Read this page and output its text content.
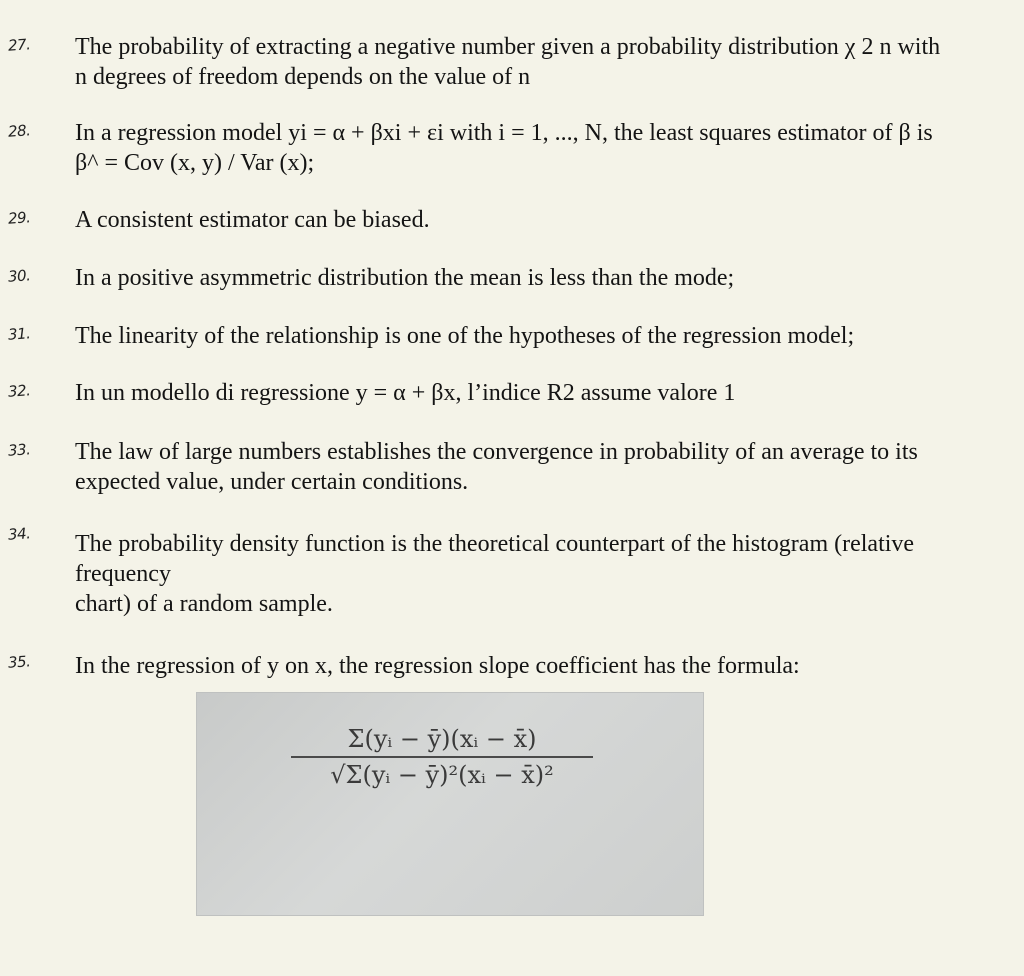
27. The probability of extracting a negative number given a probability distribution χ 2 n with
n degrees of freedom depends on the value of n
28. In a regression model yi = α + βxi + εi with i = 1, ..., N, the least squares estimator of β is
β^ = Cov (x, y) / Var (x);
29. A consistent estimator can be biased.
30. In a positive asymmetric distribution the mean is less than the mode;
31. The linearity of the relationship is one of the hypotheses of the regression model;
32. In un modello di regressione y = α + βx, l’indice R2 assume valore 1
33. The law of large numbers establishes the convergence in probability of an average to its
expected value, under certain conditions.
34. The probability density function is the theoretical counterpart of the histogram (relative
frequency
chart) of a random sample.
35. In the regression of y on x, the regression slope coefficient has the formula:
Σ(yᵢ − ȳ)(xᵢ − x̄)
√Σ(yᵢ − ȳ)²(xᵢ − x̄)²
